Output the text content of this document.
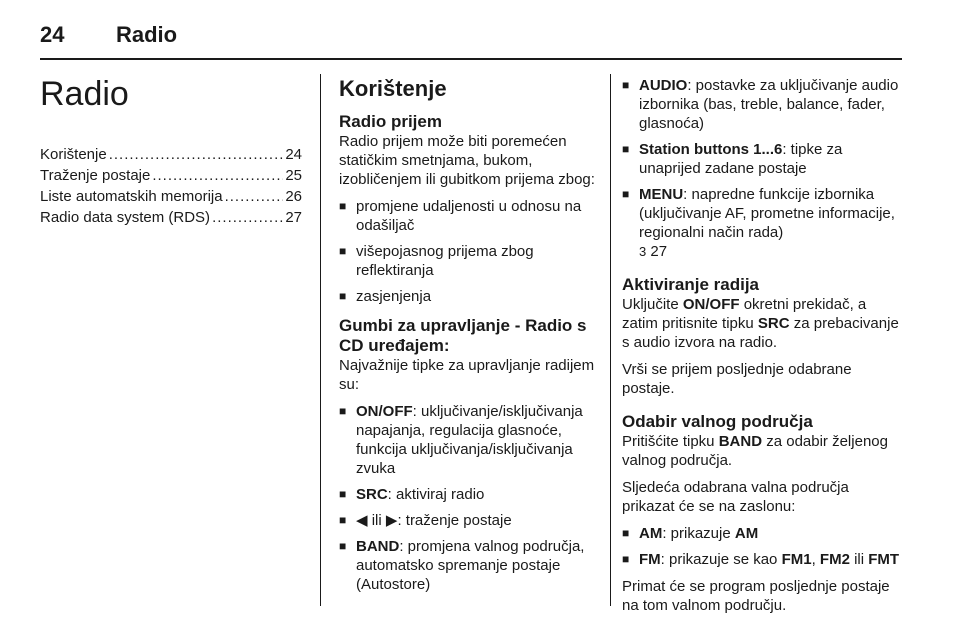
24 Radio
Radio
Korištenje .....	24
Traženje postaje .....	25
Liste automatskih memorija .....	26
Radio data system (RDS) .....	27
Korištenje
Radio prijem

Radio prijem može biti poremećen statičkim smetnjama, bukom, izobličenjem ili gubitkom prijema zbog:

■ promjene udaljenosti u odnosu na odašiljač
■ višepojasnog prijema zbog reflektiranja
■ zasjenjenja
Gumbi za upravljanje - Radio s CD uređajem:

Najvažnije tipke za upravljanje radijem su:

■ ON/OFF: uključivanje/isključivanja napajanja, regulacija glasnoće, funkcija uključivanja/isključivanja zvuka
■ SRC: aktiviraj radio
■ ◀ ili ▶: traženje postaje
■ BAND: promjena valnog područja, automatsko spremanje postaje (Autostore)
■ AUDIO: postavke za uključivanje audio izbornika (bas, treble, balance, fader, glasnoća)
■ Station buttons 1...6: tipke za unaprijed zadane postaje
■ MENU: napredne funkcije izbornika (uključivanje AF, prometne informacije, regionalni način rada)
3 27
Aktiviranje radija

Uključite ON/OFF okretni prekidač, a zatim pritisnite tipku SRC za prebacivanje s audio izvora na radio.

Vrši se prijem posljednje odabrane postaje.

Odabir valnog područja

Pritišćite tipku BAND za odabir željenog valnog područja.

Sljedeća odabrana valna područja prikazat će se na zaslonu:

■ AM: prikazuje AM
■ FM: prikazuje se kao FM1, FM2 ili FMT

Primat će se program posljednje postaje na tom valnom području.
